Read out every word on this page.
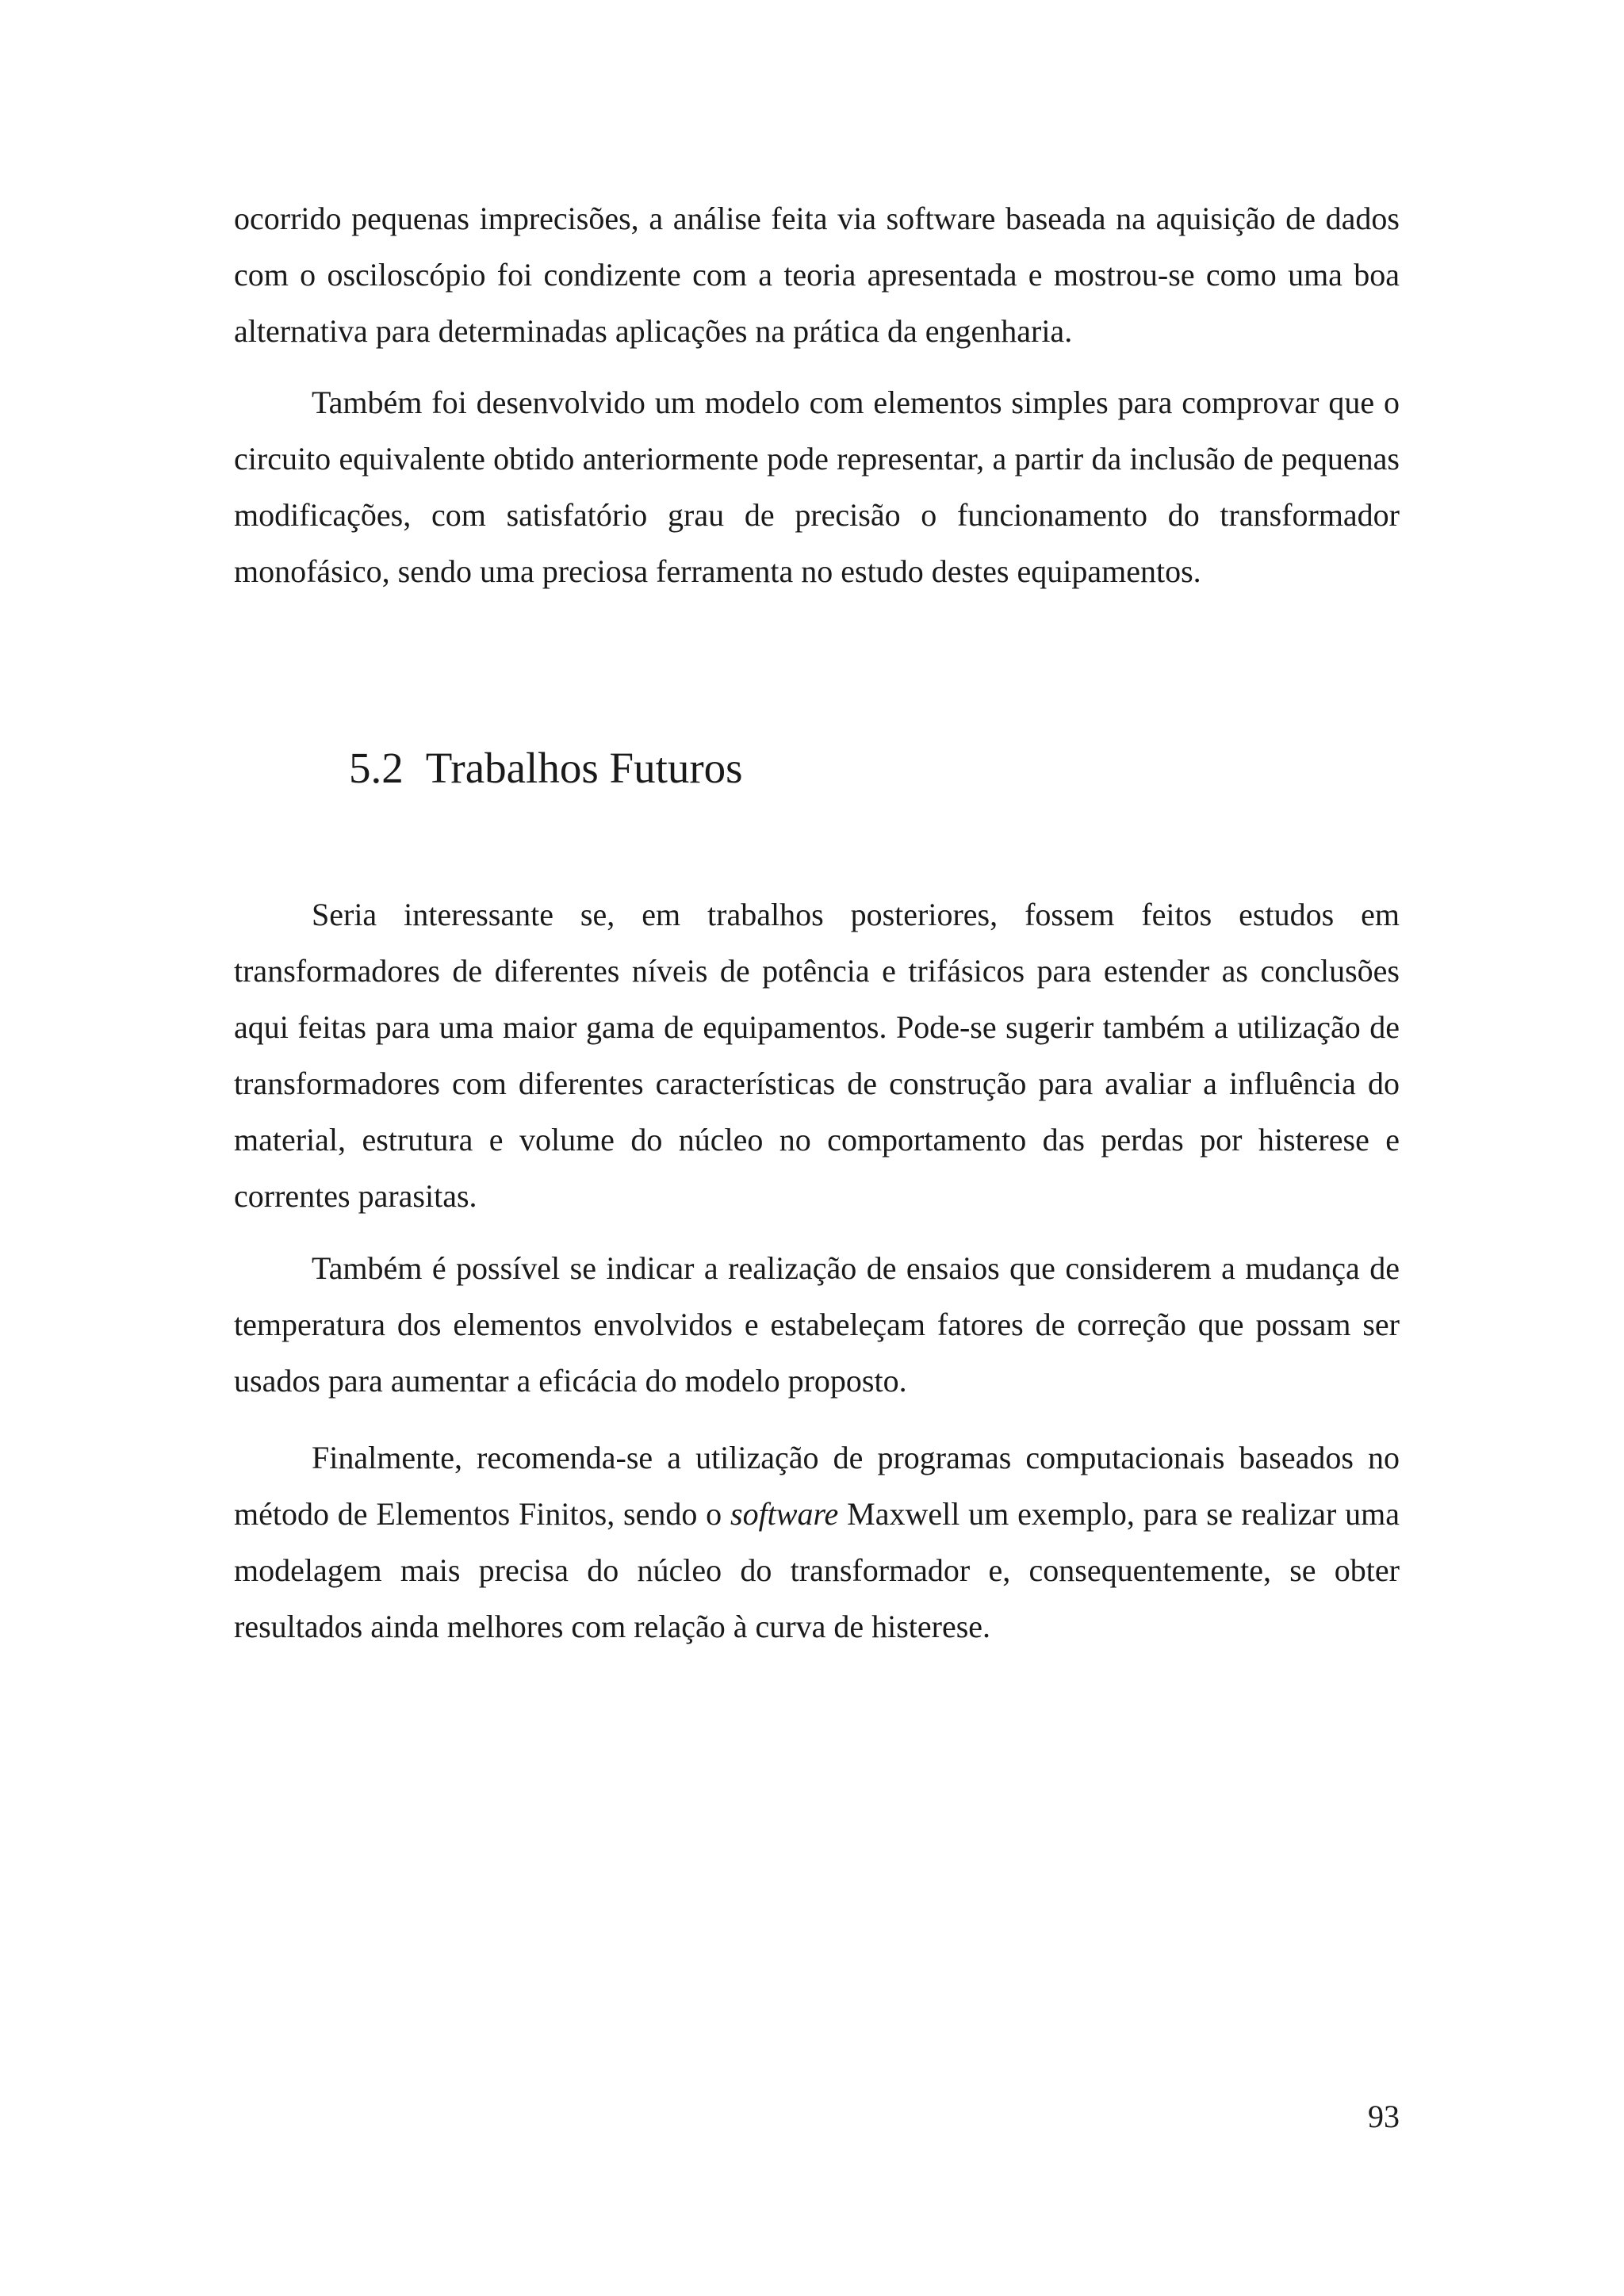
ocorrido pequenas imprecisões, a análise feita via software baseada na aquisição de dados com o osciloscópio foi condizente com a teoria apresentada e mostrou-se como uma boa alternativa para determinadas aplicações na prática da engenharia.

Também foi desenvolvido um modelo com elementos simples para comprovar que o circuito equivalente obtido anteriormente pode representar, a partir da inclusão de pequenas modificações, com satisfatório grau de precisão o funcionamento do transformador monofásico, sendo uma preciosa ferramenta no estudo destes equipamentos.

5.2 Trabalhos Futuros

Seria interessante se, em trabalhos posteriores, fossem feitos estudos em transformadores de diferentes níveis de potência e trifásicos para estender as conclusões aqui feitas para uma maior gama de equipamentos. Pode-se sugerir também a utilização de transformadores com diferentes características de construção para avaliar a influência do material, estrutura e volume do núcleo no comportamento das perdas por histerese e correntes parasitas.

Também é possível se indicar a realização de ensaios que considerem a mudança de temperatura dos elementos envolvidos e estabeleçam fatores de correção que possam ser usados para aumentar a eficácia do modelo proposto.

Finalmente, recomenda-se a utilização de programas computacionais baseados no método de Elementos Finitos, sendo o software Maxwell um exemplo, para se realizar uma modelagem mais precisa do núcleo do transformador e, consequentemente, se obter resultados ainda melhores com relação à curva de histerese.

93
